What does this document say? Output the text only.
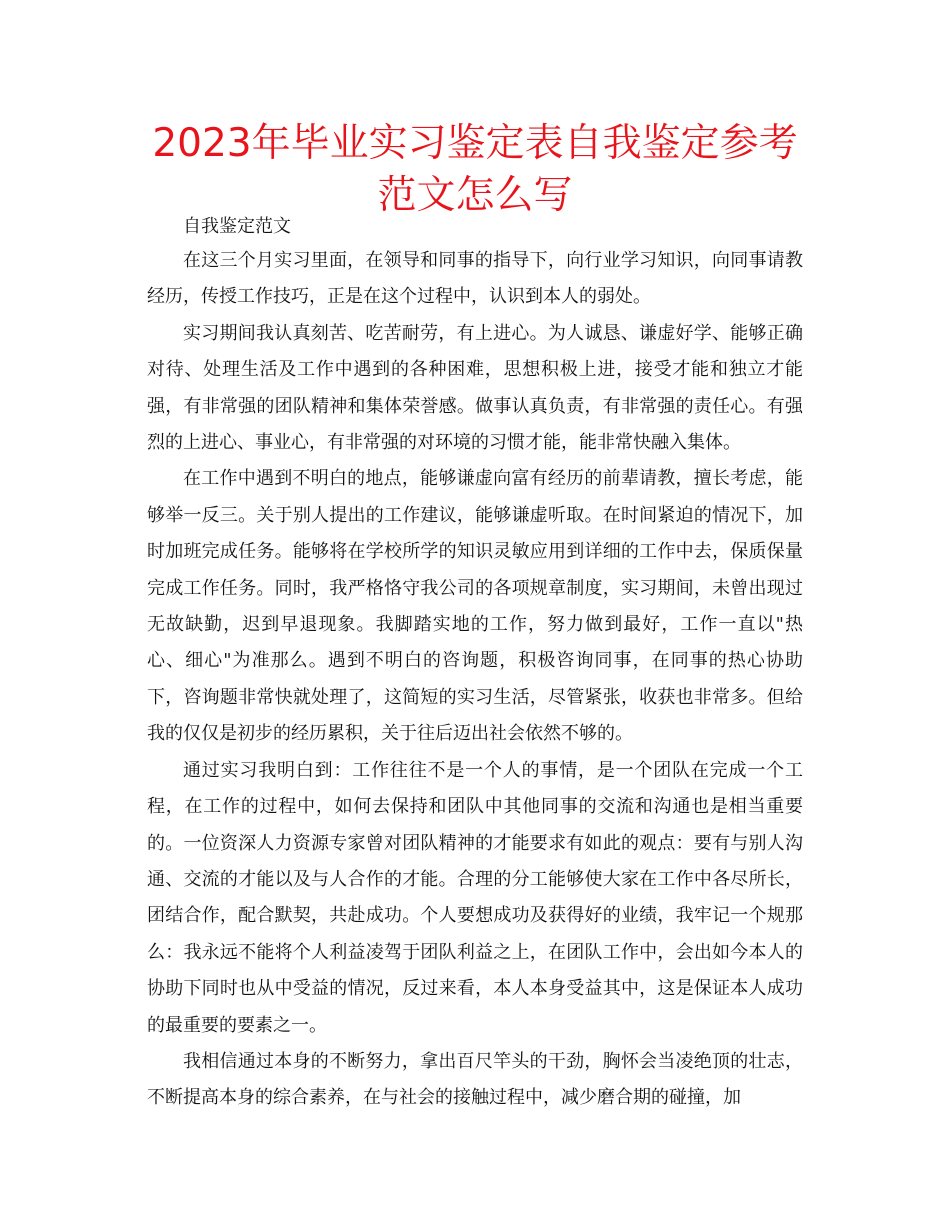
2023年毕业实习鉴定表自我鉴定参考范文怎么写

自我鉴定范文

在这三个月实习里面，在领导和同事的指导下，向行业学习知识，向同事请教经历，传授工作技巧，正是在这个过程中，认识到本人的弱处。

实习期间我认真刻苦、吃苦耐劳，有上进心。为人诚恳、谦虚好学、能够正确对待、处理生活及工作中遇到的各种困难，思想积极上进，接受才能和独立才能强，有非常强的团队精神和集体荣誉感。做事认真负责，有非常强的责任心。有强烈的上进心、事业心，有非常强的对环境的习惯才能，能非常快融入集体。

在工作中遇到不明白的地点，能够谦虚向富有经历的前辈请教，擅长考虑，能够举一反三。关于别人提出的工作建议，能够谦虚听取。在时间紧迫的情况下，加时加班完成任务。能够将在学校所学的知识灵敏应用到详细的工作中去，保质保量完成工作任务。同时，我严格恪守我公司的各项规章制度，实习期间，未曾出现过无故缺勤，迟到早退现象。我脚踏实地的工作，努力做到最好，工作一直以"热心、细心"为准那么。遇到不明白的咨询题，积极咨询同事，在同事的热心协助下，咨询题非常快就处理了，这简短的实习生活，尽管紧张，收获也非常多。但给我的仅仅是初步的经历累积，关于往后迈出社会依然不够的。

通过实习我明白到：工作往往不是一个人的事情，是一个团队在完成一个工程，在工作的过程中，如何去保持和团队中其他同事的交流和沟通也是相当重要的。一位资深人力资源专家曾对团队精神的才能要求有如此的观点：要有与别人沟通、交流的才能以及与人合作的才能。合理的分工能够使大家在工作中各尽所长，团结合作，配合默契，共赴成功。个人要想成功及获得好的业绩，我牢记一个规那么：我永远不能将个人利益凌驾于团队利益之上，在团队工作中，会出如今本人的协助下同时也从中受益的情况，反过来看，本人本身受益其中，这是保证本人成功的最重要的要素之一。

我相信通过本身的不断努力，拿出百尺竿头的干劲，胸怀会当凌绝顶的壮志，不断提高本身的综合素养，在与社会的接触过程中，减少磨合期的碰撞，加
